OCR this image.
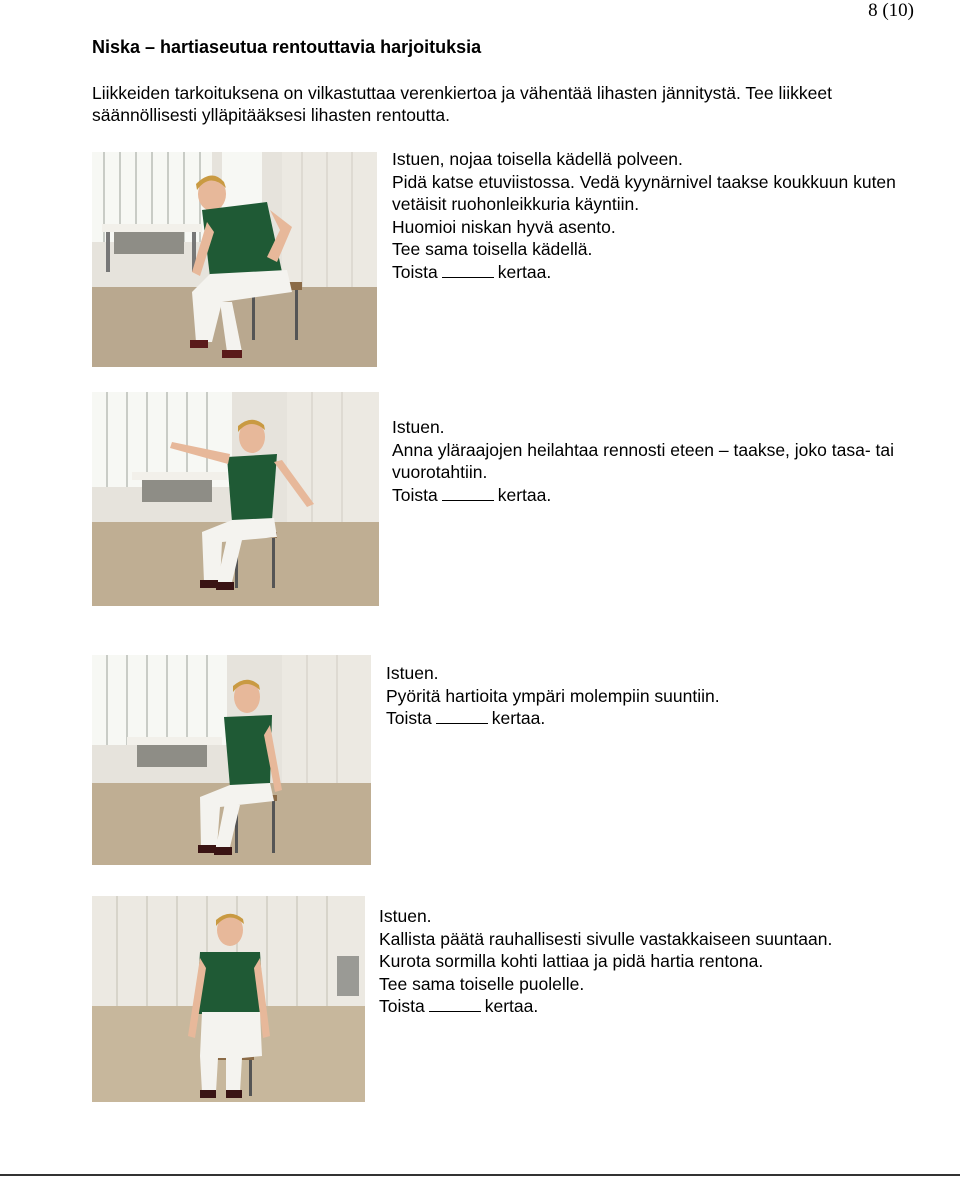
8 (10)
Niska – hartiaseutua rentouttavia harjoituksia
Liikkeiden tarkoituksena on vilkastuttaa verenkiertoa ja vähentää lihasten jännitystä. Tee liikkeet säännöllisesti ylläpitääksesi lihasten rentoutta.
Istuen, nojaa toisella kädellä polveen.
Pidä katse etuviistossa. Vedä kyynärnivel taakse koukkuun kuten vetäisit ruohonleikkuria käyntiin.
Huomioi niskan hyvä asento.
Tee sama toisella kädellä.
Toista	kertaa.
Istuen.
Anna yläraajojen heilahtaa rennosti eteen – taakse, joko tasa- tai vuorotahtiin.
Toista	kertaa.
Istuen.
Pyöritä hartioita ympäri molempiin suuntiin.
Toista	kertaa.
Istuen.
Kallista päätä rauhallisesti sivulle vastakkaiseen suuntaan.
Kurota sormilla kohti lattiaa ja pidä hartia rentona.
Tee sama toiselle puolelle.
Toista	kertaa.
